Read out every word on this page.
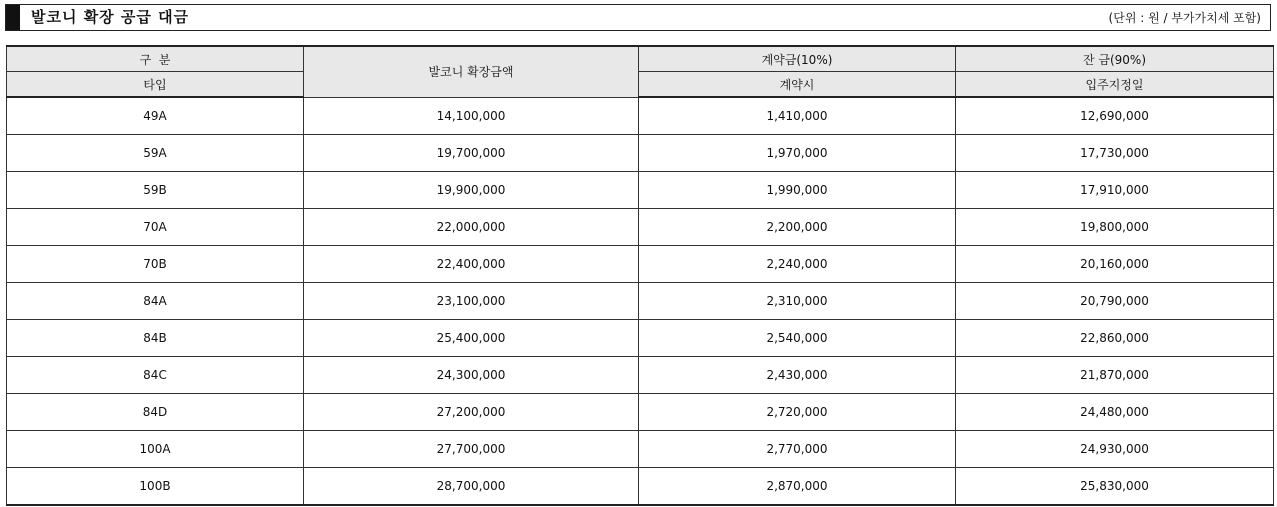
발코니 확장 공급 대금	(단위 : 원 / 부가가치세 포함)
구  분	발코니 확장금액	계약금(10%)	잔 금(90%)
타입		계약시	입주지정일
49A	14,100,000	1,410,000	12,690,000
59A	19,700,000	1,970,000	17,730,000
59B	19,900,000	1,990,000	17,910,000
70A	22,000,000	2,200,000	19,800,000
70B	22,400,000	2,240,000	20,160,000
84A	23,100,000	2,310,000	20,790,000
84B	25,400,000	2,540,000	22,860,000
84C	24,300,000	2,430,000	21,870,000
84D	27,200,000	2,720,000	24,480,000
100A	27,700,000	2,770,000	24,930,000
100B	28,700,000	2,870,000	25,830,000
